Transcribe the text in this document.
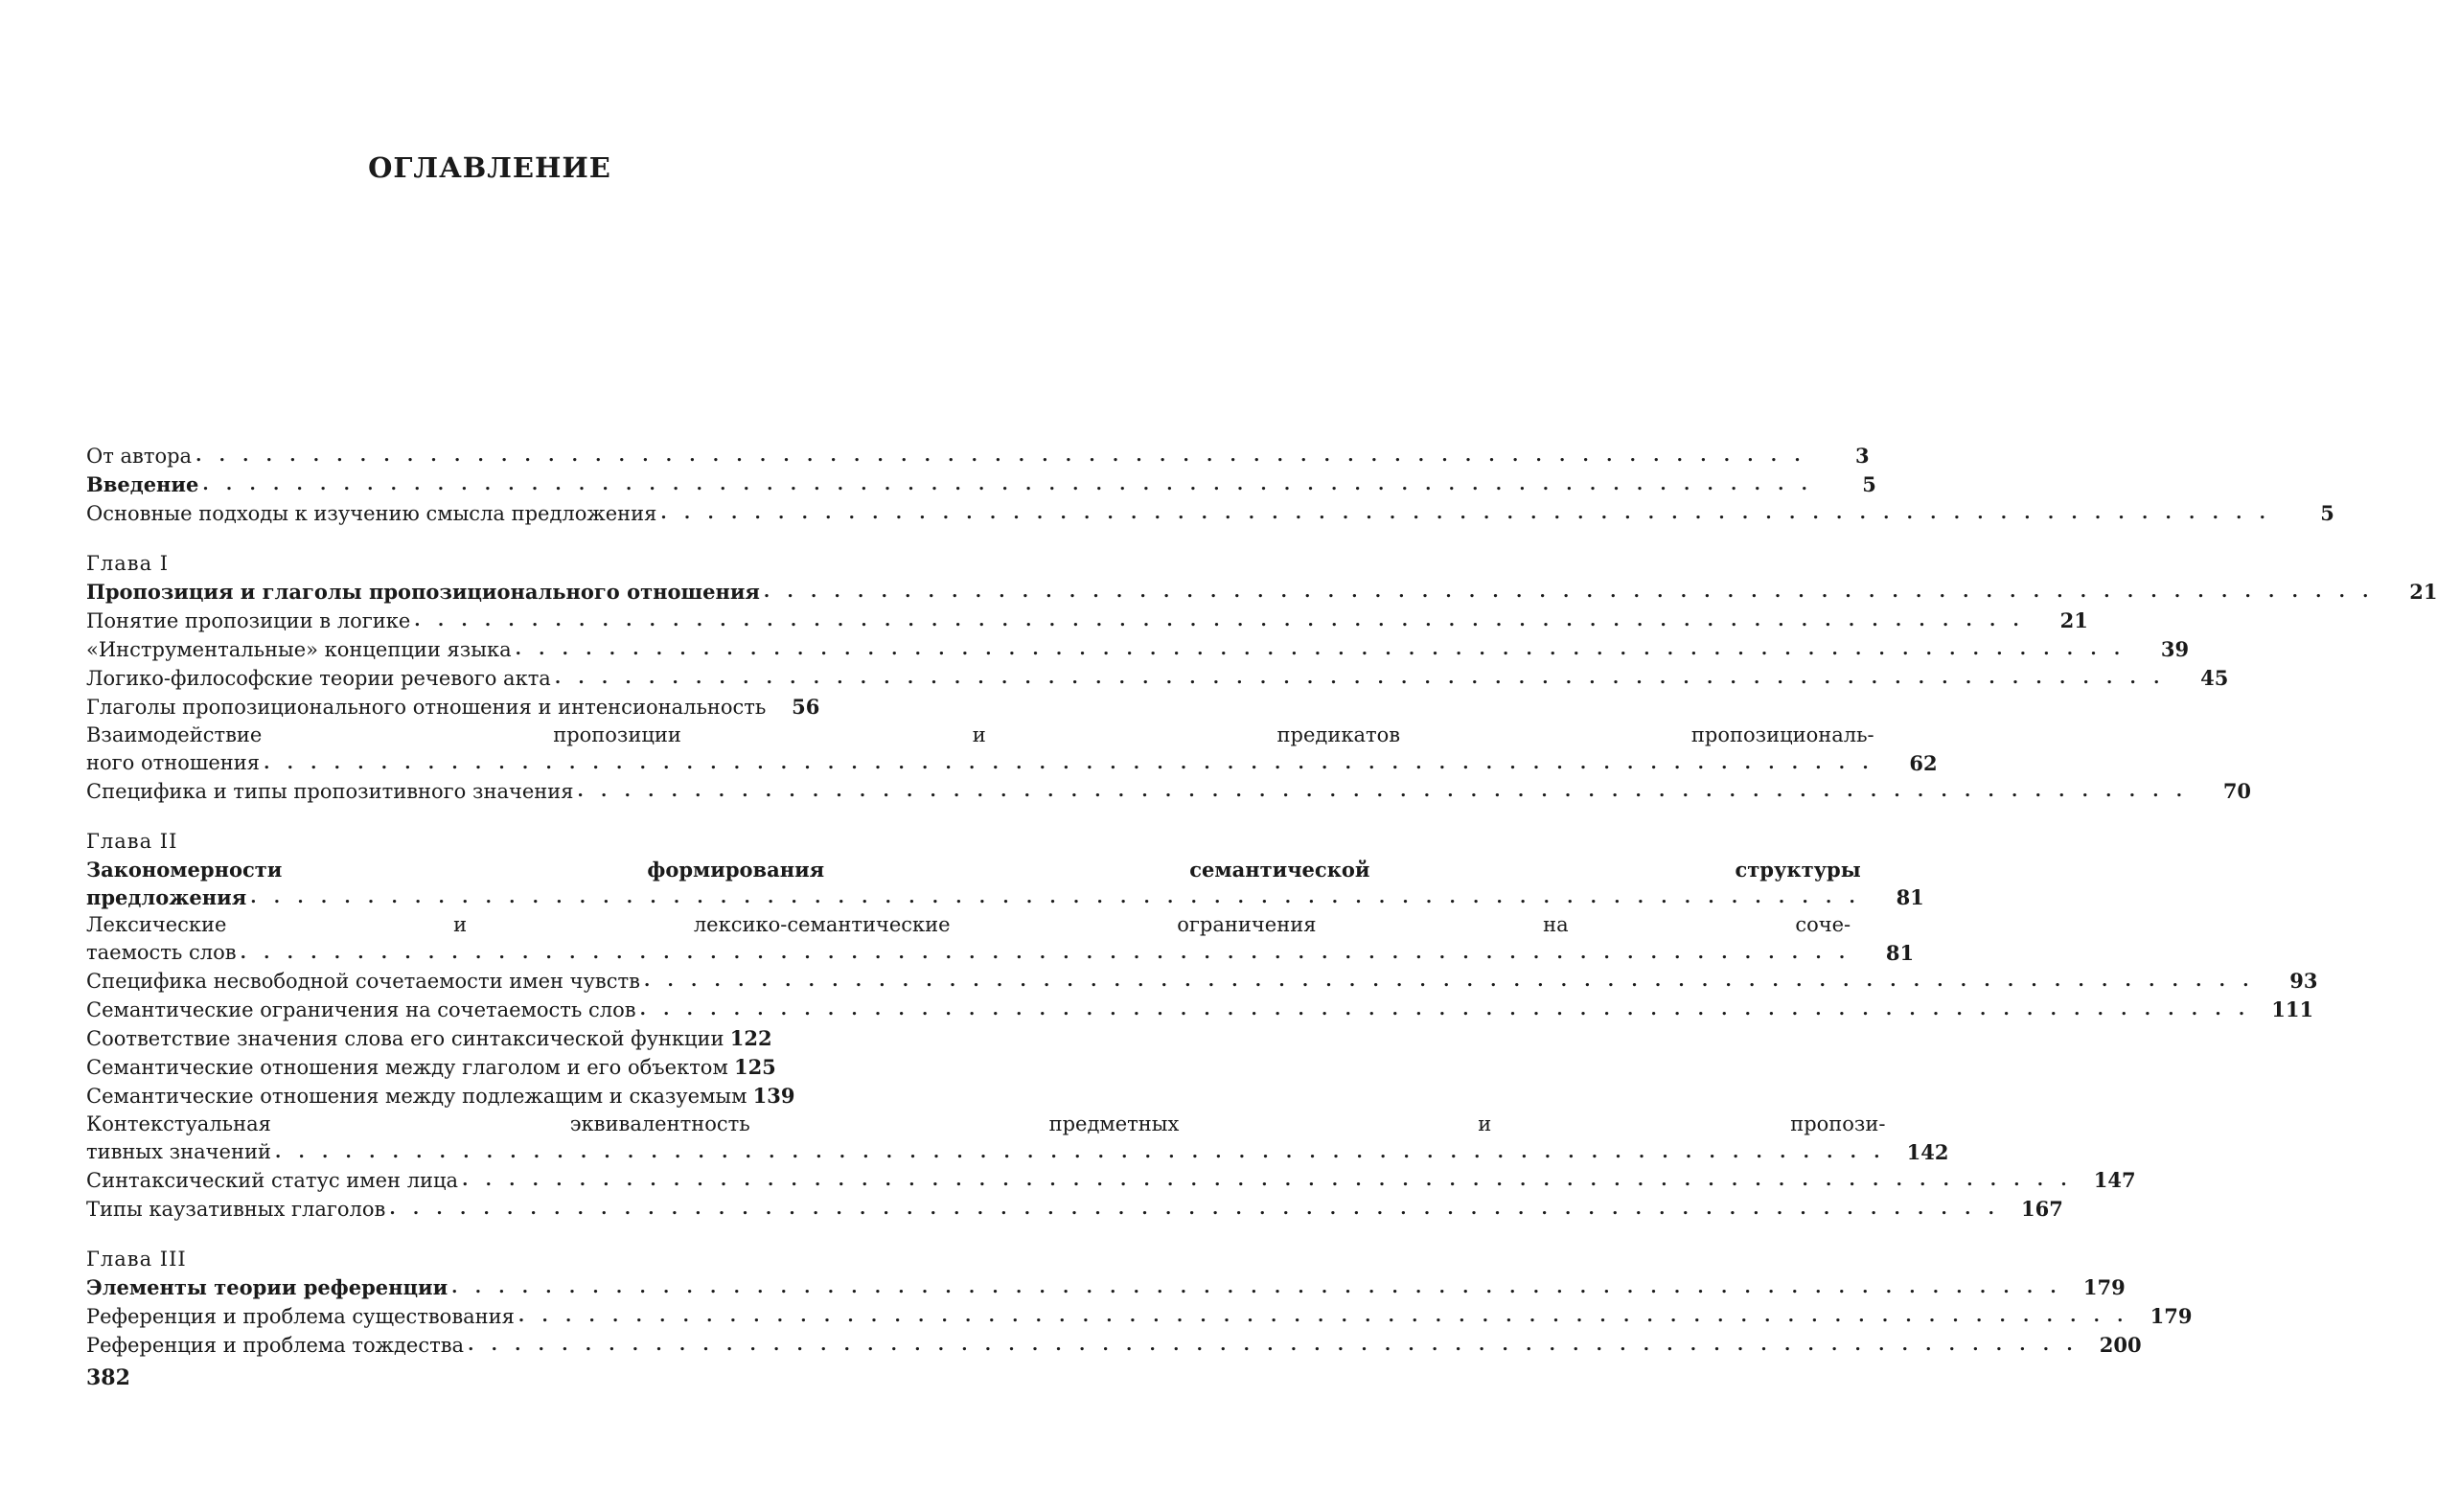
ОГЛАВЛЕНИЕ
От автора . . .	3
Введение . . .	5
Основные подходы к изучению смысла предложения . . .	5
Глава I
Пропозиция и глаголы пропозиционального отношения . . .	21
Понятие пропозиции в логике . . .	21
«Инструментальные» концепции языка . . .	39
Логико-философские теории речевого акта . . .	45
Глаголы пропозиционального отношения и интенсиональность	56
Взаимодействие пропозиции и предикатов пропозициональ-
ного отношения . . .	62
Специфика и типы пропозитивного значения . . .	70
Глава II
Закономерности формирования семантической структуры
предложения . . .	81
Лексические и лексико-семантические ограничения на соче-
таемость слов . . .	81
Специфика несвободной сочетаемости имен чувств . . .	93
Семантические ограничения на сочетаемость слов . . .	111
Соответствие значения слова его синтаксической функции 122
Семантические отношения между глаголом и его объектом 125
Семантические отношения между подлежащим и сказуемым 139
Контекстуальная эквивалентность предметных и пропози-
тивных значений . . .	142
Синтаксический статус имен лица . . .	147
Типы каузативных глаголов . . .	167
Глава III
Элементы теории референции . . .	179
Референция и проблема существования . . .	179
Референция и проблема тождества . . .	200
382
